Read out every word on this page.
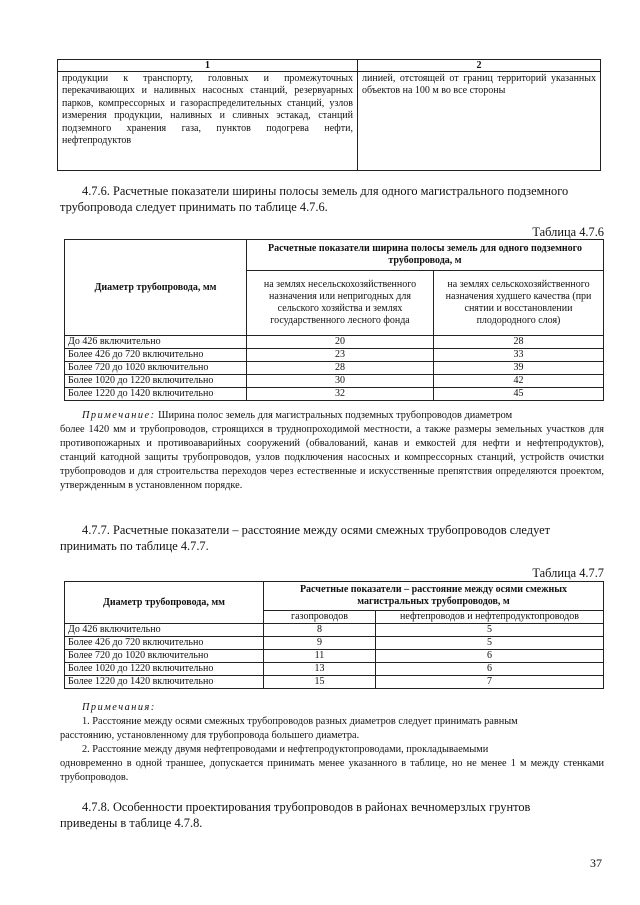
1	2
продукции к транспорту, головных и промежуточных перекачивающих и наливных насосных станций, резервуарных парков, компрессорных и газораспределительных станций, узлов измерения продукции, наливных и сливных эстакад, станций подземного хранения газа, пунктов подогрева нефти, нефтепродуктов	линией, отстоящей от границ территорий указанных объектов на 100 м во все стороны
4.7.6. Расчетные показатели ширины полосы земель для одного магистрального подземного
трубопровода следует принимать по таблице 4.7.6.
Таблица 4.7.6
Диаметр трубопровода, мм	Расчетные показатели ширина полосы земель для одного подземного трубопровода, м	
	на землях несельскохозяйственного назначения или непригодных для сельского хозяйства и землях государственного лесного фонда	на землях сельскохозяйственного назначения худшего качества (при снятии и восстановлении плодородного слоя)
До 426 включительно	20	28
Более 426 до 720 включительно	23	33
Более 720 до 1020 включительно	28	39
Более 1020 до 1220 включительно	30	42
Более 1220 до 1420 включительно	32	45
Примечание: Ширина полос земель для магистральных подземных трубопроводов диаметром
более 1420 мм и трубопроводов, строящихся в труднопроходимой местности, а также размеры земельных участков для противопожарных и противоаварийных сооружений (обвалований, канав и емкостей для нефти и нефтепродуктов), станций катодной защиты трубопроводов, узлов подключения насосных и компрессорных станций, устройств очистки трубопроводов и для строительства переходов через естественные и искусственные препятствия определяются проектом, утвержденным в установленном порядке.
4.7.7. Расчетные показатели – расстояние между осями смежных трубопроводов следует
принимать по таблице 4.7.7.
Таблица 4.7.7
Диаметр трубопровода, мм	Расчетные показатели – расстояние между осями смежных магистральных трубопроводов, м	
	газопроводов	нефтепроводов и нефтепродуктопроводов
До 426 включительно	8	5
Более 426 до 720 включительно	9	5
Более 720 до 1020 включительно	11	6
Более 1020 до 1220 включительно	13	6
Более 1220 до 1420 включительно	15	7
Примечания:
1. Расстояние между осями смежных трубопроводов разных диаметров следует принимать равным
расстоянию, установленному для трубопровода большего диаметра.
2. Расстояние между двумя нефтепроводами и нефтепродуктопроводами, прокладываемыми
одновременно в одной траншее, допускается принимать менее указанного в таблице, но не менее 1 м между стенками трубопроводов.
4.7.8. Особенности проектирования трубопроводов в районах вечномерзлых грунтов
приведены в таблице 4.7.8.
37
